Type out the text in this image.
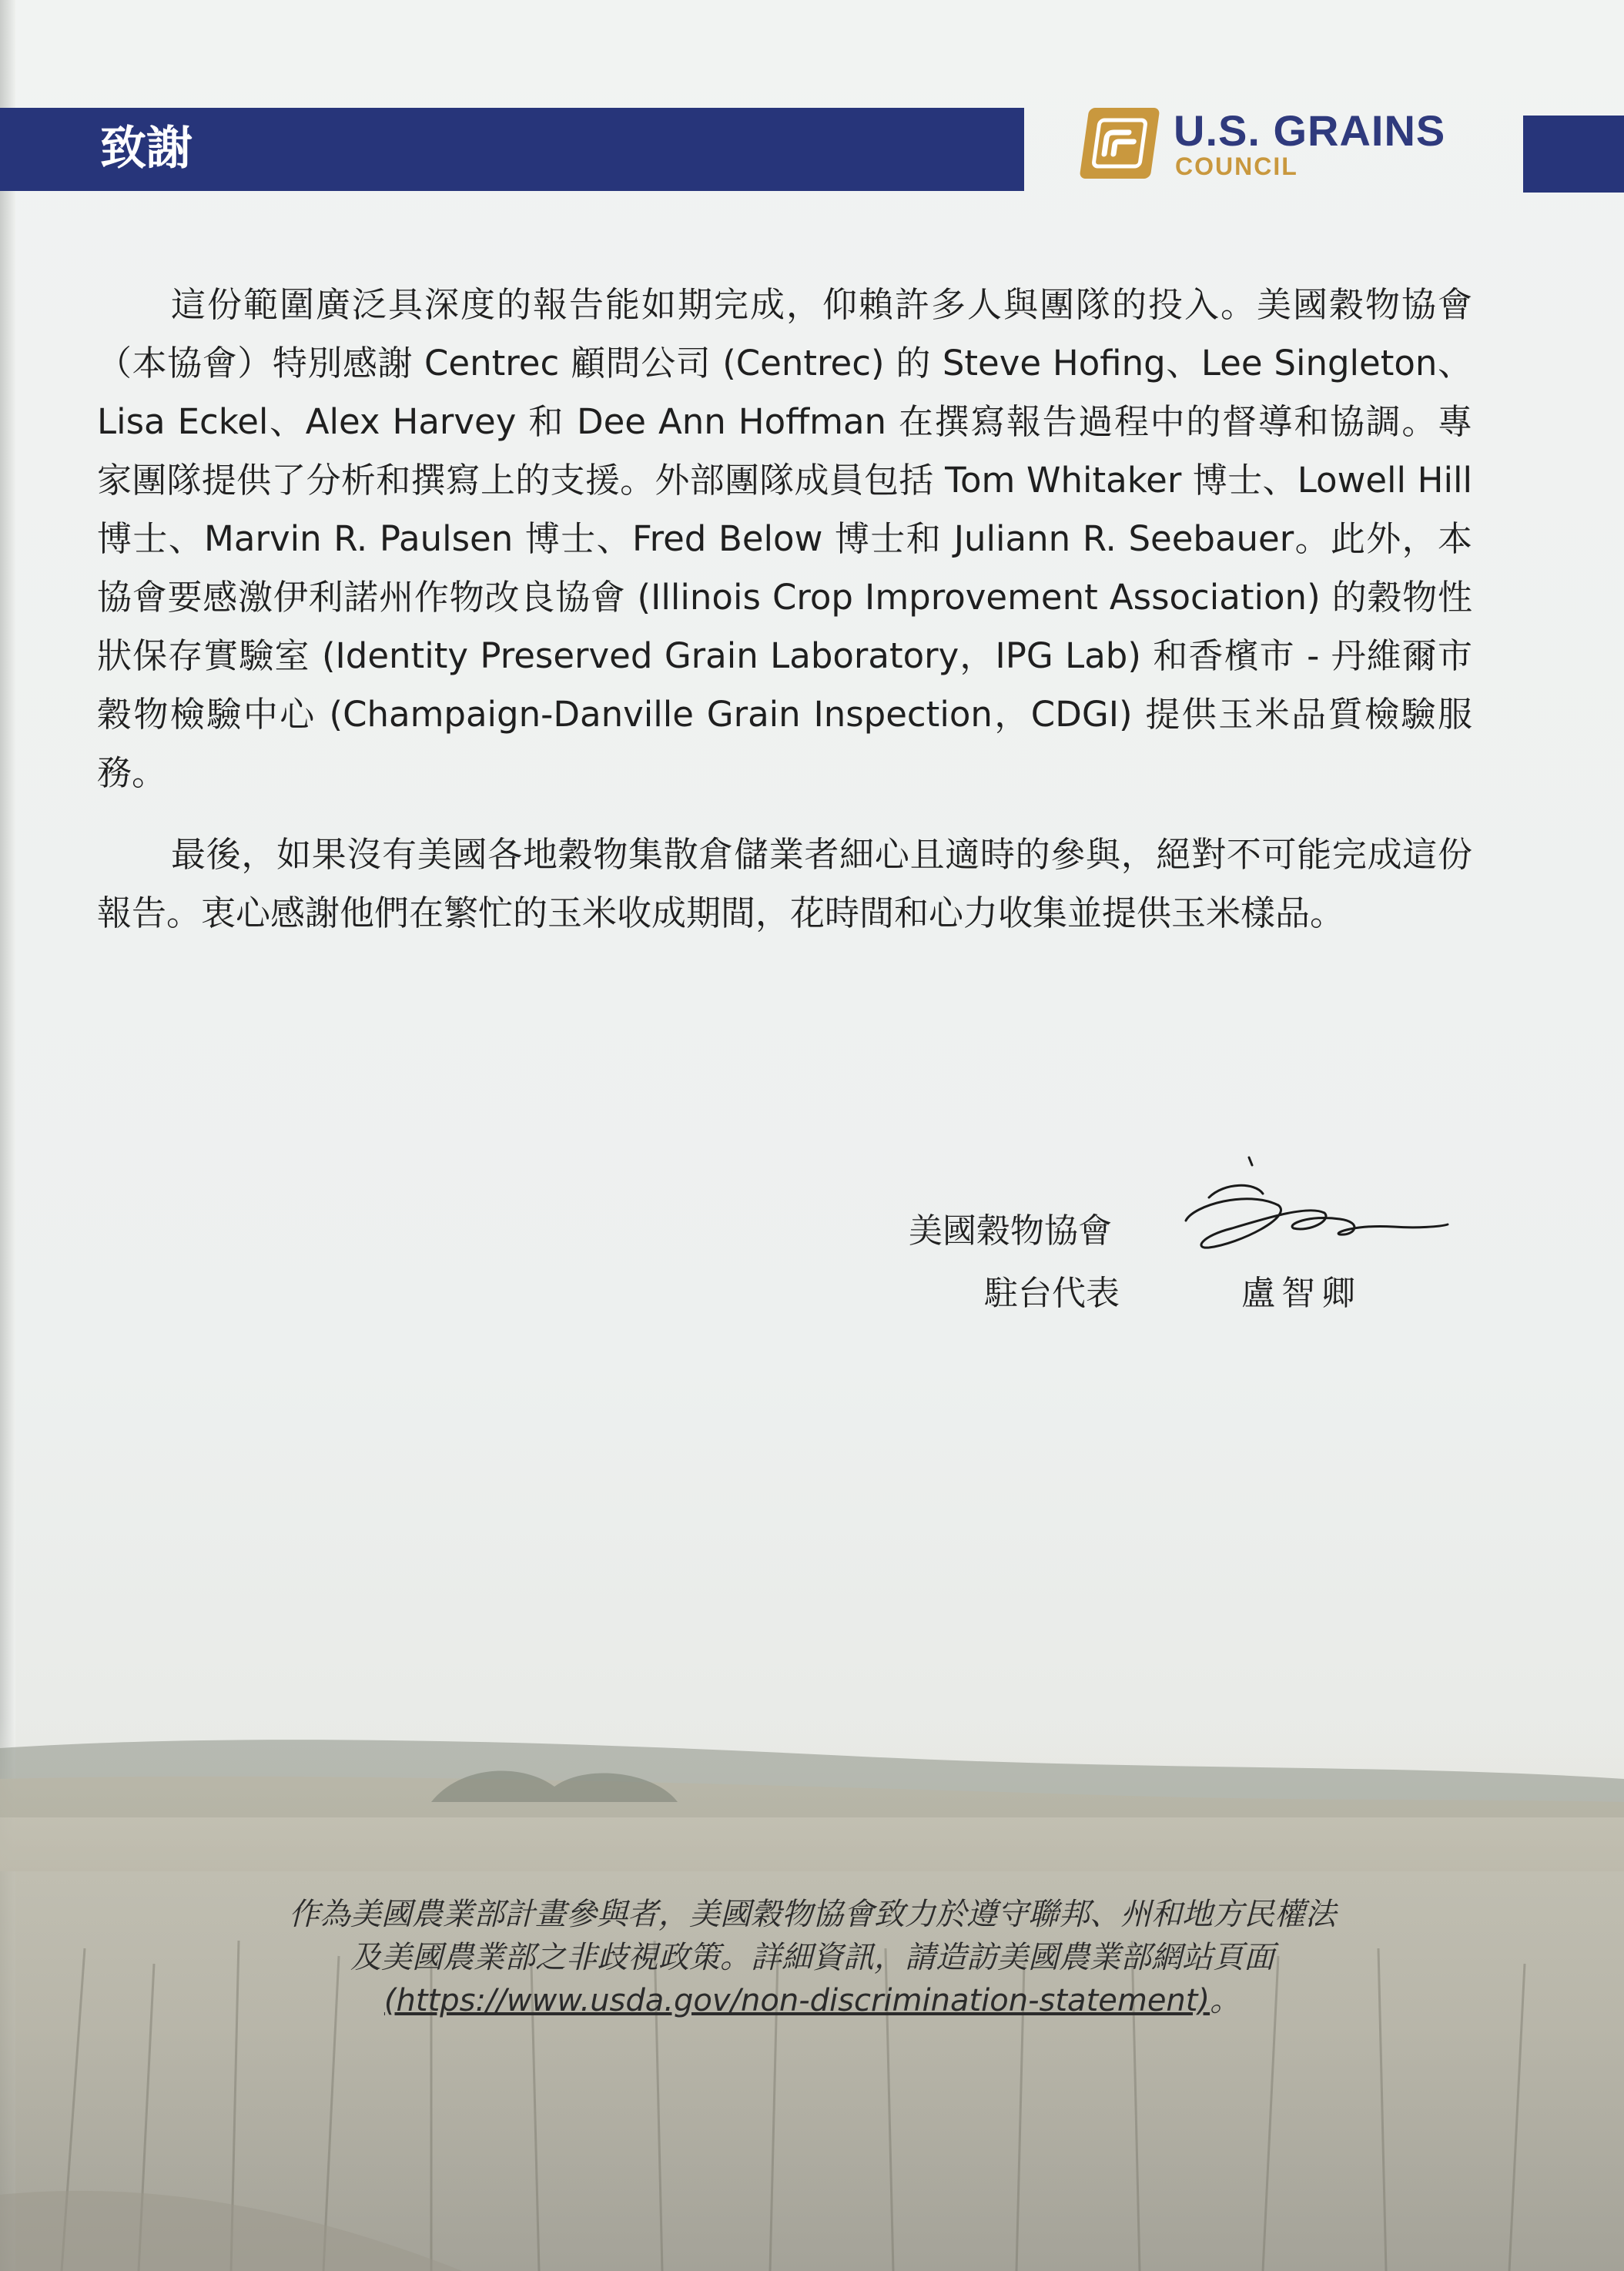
致謝	U.S. GRAINS
COUNCIL

這份範圍廣泛具深度的報告能如期完成，仰賴許多人與團隊的投入。美國穀物協會（本協會）特別感謝 Centrec 顧問公司 (Centrec) 的 Steve Hofing、Lee Singleton、Lisa Eckel、Alex Harvey 和 Dee Ann Hoffman 在撰寫報告過程中的督導和協調。專家團隊提供了分析和撰寫上的支援。外部團隊成員包括 Tom Whitaker 博士、Lowell Hill 博士、Marvin R. Paulsen 博士、Fred Below 博士和 Juliann R. Seebauer。此外，本協會要感激伊利諾州作物改良協會 (Illinois Crop Improvement Association) 的穀物性狀保存實驗室 (Identity Preserved Grain Laboratory，IPG Lab) 和香檳市 - 丹維爾市穀物檢驗中心 (Champaign-Danville Grain Inspection，CDGI) 提供玉米品質檢驗服務。

最後，如果沒有美國各地穀物集散倉儲業者細心且適時的參與，絕對不可能完成這份報告。衷心感謝他們在繁忙的玉米收成期間，花時間和心力收集並提供玉米樣品。

美國穀物協會
駐台代表	盧智卿
作為美國農業部計畫參與者，美國穀物協會致力於遵守聯邦、州和地方民權法
及美國農業部之非歧視政策。詳細資訊，請造訪美國農業部網站頁面
(https://www.usda.gov/non-discrimination-statement)。
